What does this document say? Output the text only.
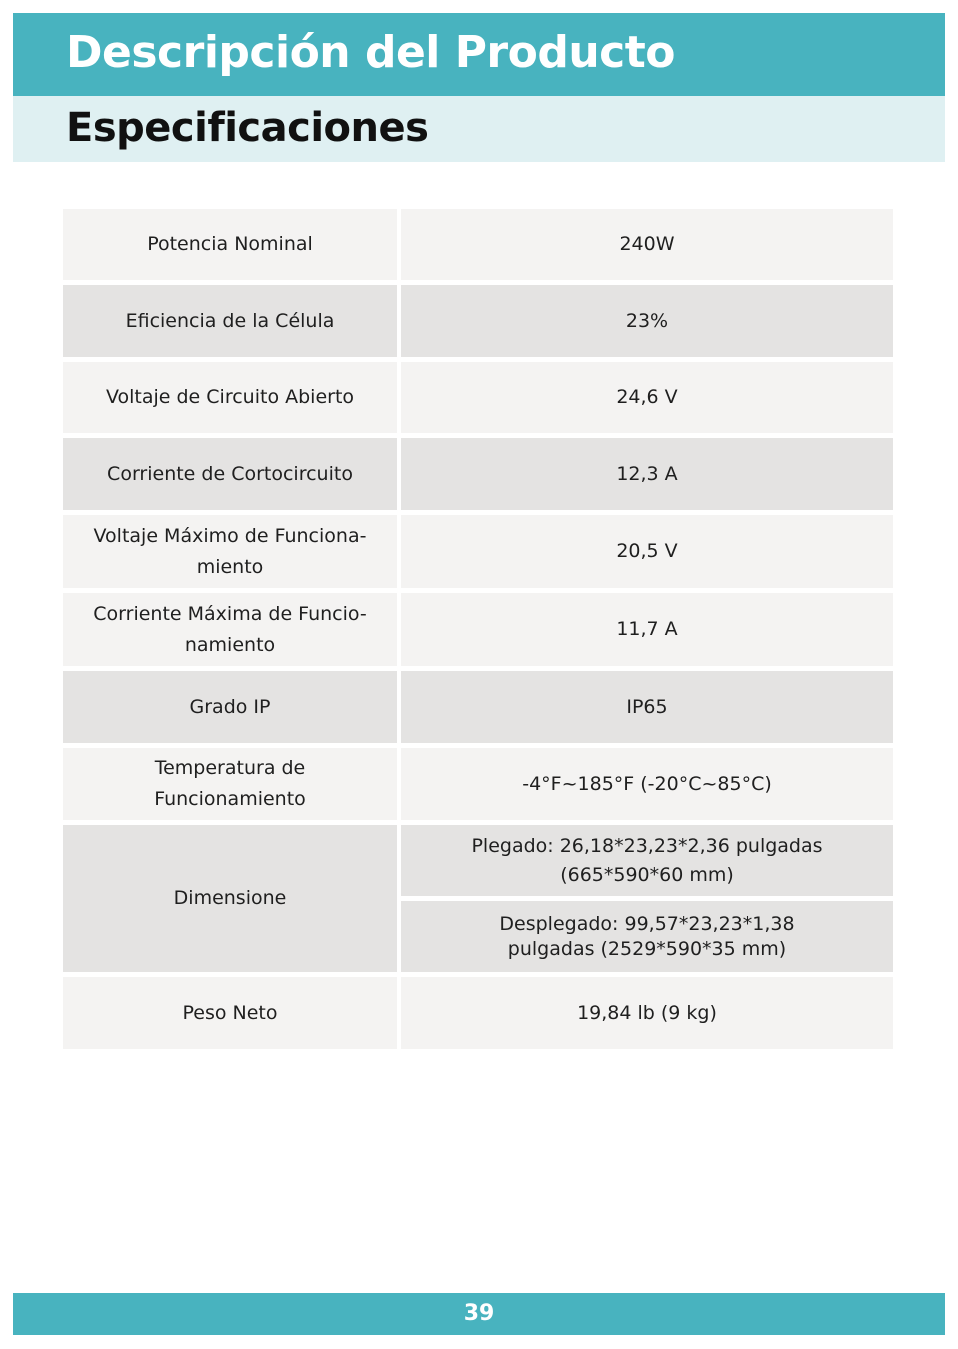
Descripción del Producto
Especificaciones
Potencia Nominal	240W
Eficiencia de la Célula	23%
Voltaje de Circuito Abierto	24,6 V
Corriente de Cortocircuito	12,3 A
Voltaje Máximo de Funciona-
miento	20,5 V
Corriente Máxima de Funcio-
namiento	11,7 A
Grado IP	IP65
Temperatura de
Funcionamiento	-4°F~185°F (-20°C~85°C)
Dimensione	Plegado: 26,18*23,23*2,36 pulgadas
(665*590*60 mm)
	Desplegado: 99,57*23,23*1,38
pulgadas (2529*590*35 mm)
Peso Neto	19,84 lb (9 kg)
39
